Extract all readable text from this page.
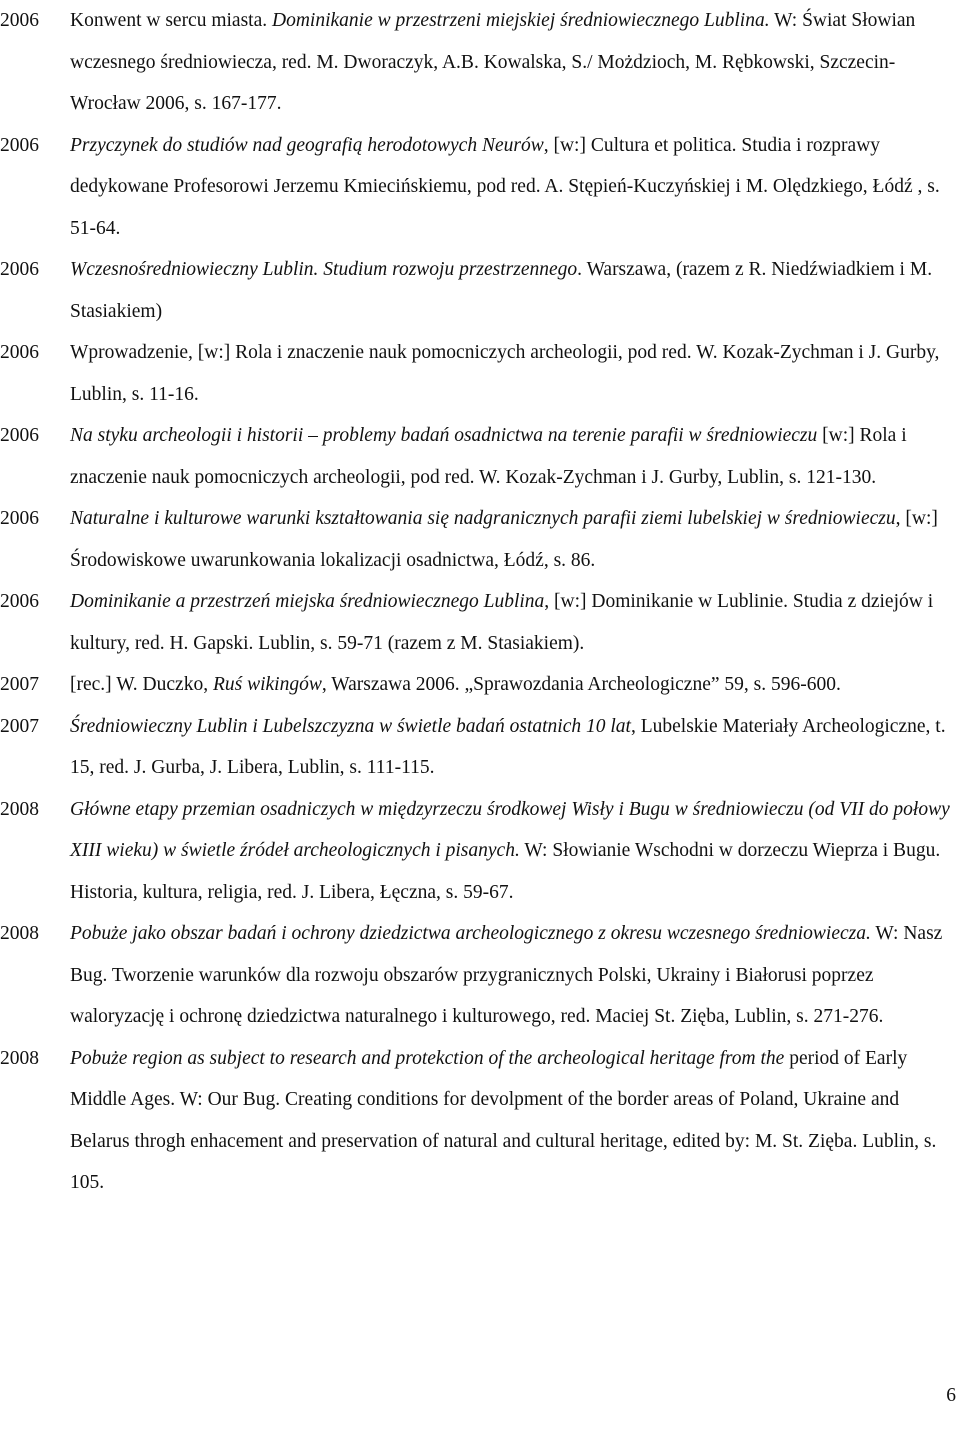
2006	Konwent w sercu miasta. Dominikanie w przestrzeni miejskiej średniowiecznego Lublina. W: Świat Słowian wczesnego średniowiecza, red. M. Dworaczyk, A.B. Kowalska, S./ Możdzioch, M. Rębkowski, Szczecin- Wrocław 2006, s. 167-177.
2006	Przyczynek do studiów nad geografią herodotowych Neurów, [w:] Cultura et politica. Studia i rozprawy dedykowane Profesorowi Jerzemu Kmiecińskiemu, pod red. A. Stępień-Kuczyńskiej i M. Olędzkiego, Łódź , s. 51-64.
2006	Wczesnośredniowieczny Lublin. Studium rozwoju przestrzennego. Warszawa, (razem z R. Niedźwiadkiem i M. Stasiakiem)
2006	Wprowadzenie, [w:] Rola i znaczenie nauk pomocniczych archeologii, pod red. W. Kozak-Zychman i J. Gurby, Lublin, s. 11-16.
2006	Na styku archeologii i historii – problemy badań osadnictwa na terenie parafii w średniowieczu [w:] Rola i znaczenie nauk pomocniczych archeologii, pod red. W. Kozak-Zychman i J. Gurby, Lublin, s. 121-130.
2006	Naturalne i kulturowe warunki kształtowania się nadgranicznych parafii ziemi lubelskiej w średniowieczu, [w:] Środowiskowe uwarunkowania lokalizacji osadnictwa, Łódź, s. 86.
2006	Dominikanie a przestrzeń miejska średniowiecznego Lublina, [w:] Dominikanie w Lublinie. Studia z dziejów i kultury, red. H. Gapski. Lublin, s. 59-71 (razem z M. Stasiakiem).
2007	[rec.] W. Duczko, Ruś wikingów, Warszawa 2006. „Sprawozdania Archeologiczne” 59, s. 596-600.
2007	Średniowieczny Lublin i Lubelszczyzna w świetle badań ostatnich 10 lat, Lubelskie Materiały Archeologiczne, t. 15, red. J. Gurba, J. Libera, Lublin, s. 111-115.
2008	Główne etapy przemian osadniczych w międzyrzeczu środkowej Wisły i Bugu w średniowieczu (od VII do połowy XIII wieku) w świetle źródeł archeologicznych i pisanych. W: Słowianie Wschodni w dorzeczu Wieprza i Bugu. Historia, kultura, religia, red. J. Libera, Łęczna, s. 59-67.
2008	Pobuże jako obszar badań i ochrony dziedzictwa archeologicznego z okresu wczesnego średniowiecza. W: Nasz Bug. Tworzenie warunków dla rozwoju obszarów przygranicznych Polski, Ukrainy i Białorusi poprzez waloryzację i ochronę dziedzictwa naturalnego i kulturowego, red. Maciej St. Zięba, Lublin, s. 271-276.
2008	Pobuże region as subject to research and protekction of the archeological heritage from the period of Early Middle Ages. W: Our Bug. Creating conditions for devolpment of the border areas of Poland, Ukraine and Belarus throgh enhacement and preservation of natural and cultural heritage, edited by: M. St. Zięba. Lublin, s. 105.
6
